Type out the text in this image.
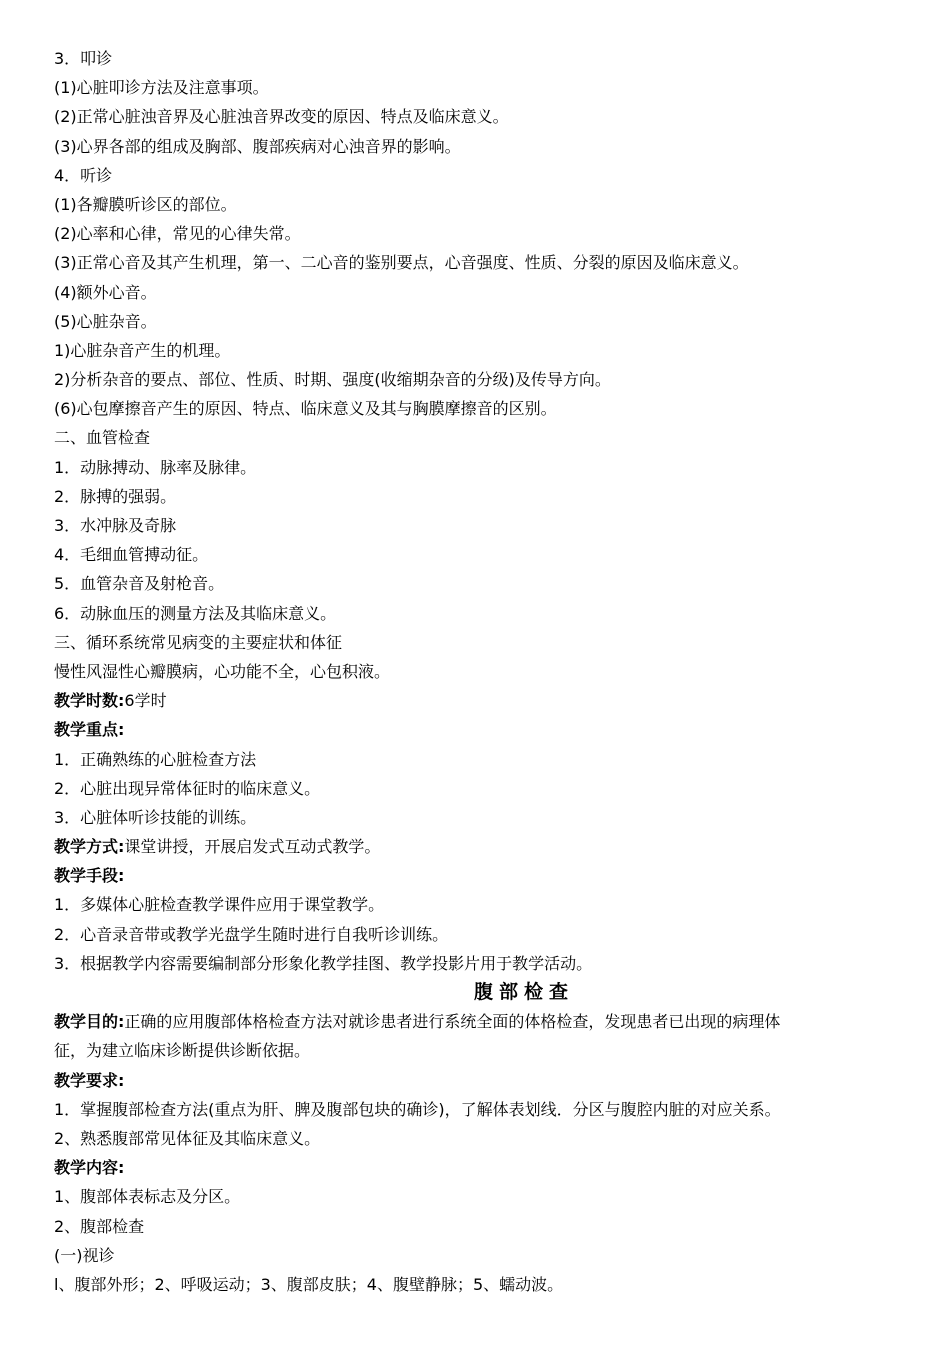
3．叩诊
(1)心脏叩诊方法及注意事项。
(2)正常心脏浊音界及心脏浊音界改变的原因、特点及临床意义。
(3)心界各部的组成及胸部、腹部疾病对心浊音界的影响。
4．听诊
(1)各瓣膜听诊区的部位。
(2)心率和心律，常见的心律失常。
(3)正常心音及其产生机理，第一、二心音的鉴别要点，心音强度、性质、分裂的原因及临床意义。
(4)额外心音。
(5)心脏杂音。
1)心脏杂音产生的机理。
2)分析杂音的要点、部位、性质、时期、强度(收缩期杂音的分级)及传导方向。
(6)心包摩擦音产生的原因、特点、临床意义及其与胸膜摩擦音的区别。
二、血管检查
1．动脉搏动、脉率及脉律。
2．脉搏的强弱。
3．水冲脉及奇脉
4．毛细血管搏动征。
5．血管杂音及射枪音。
6．动脉血压的测量方法及其临床意义。
三、循环系统常见病变的主要症状和体征
慢性风湿性心瓣膜病，心功能不全，心包积液。
教学时数:6学时
教学重点:
1．正确熟练的心脏检查方法
2．心脏出现异常体征时的临床意义。
3．心脏体听诊技能的训练。
教学方式:课堂讲授，开展启发式互动式教学。
教学手段:
1．多媒体心脏检查教学课件应用于课堂教学。
2．心音录音带或教学光盘学生随时进行自我听诊训练。
3．根据教学内容需要编制部分形象化教学挂图、教学投影片用于教学活动。
腹部检查
教学目的:正确的应用腹部体格检查方法对就诊患者进行系统全面的体格检查，发现患者已出现的病理体
征，为建立临床诊断提供诊断依据。
教学要求:
1．掌握腹部检查方法(重点为肝、脾及腹部包块的确诊)，了解体表划线．分区与腹腔内脏的对应关系。
2、熟悉腹部常见体征及其临床意义。
教学内容:
1、腹部体表标志及分区。
2、腹部检查
(一)视诊
l、腹部外形；2、呼吸运动；3、腹部皮肤；4、腹壁静脉；5、蠕动波。
